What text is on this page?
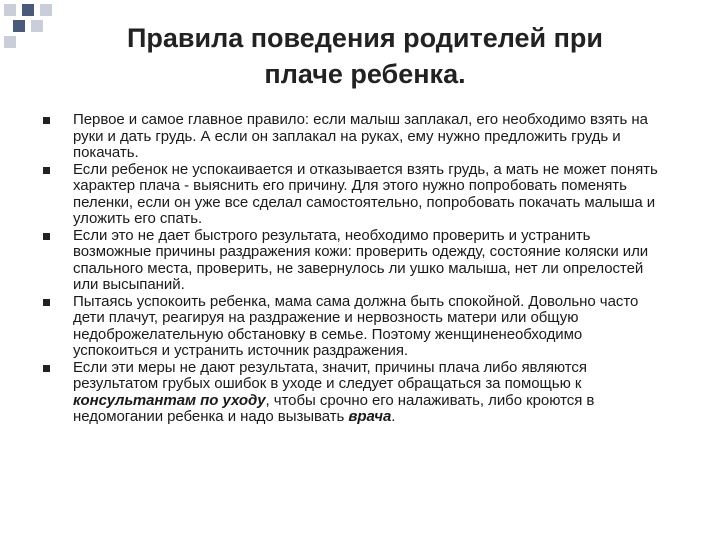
Правила поведения родителей при
плаче ребенка.
Первое и самое главное правило: если малыш заплакал, его необходимо взять на руки и дать грудь. А если он заплакал на руках, ему нужно предложить грудь и покачать.
Если ребенок не успокаивается и отказывается взять грудь, а мать не может понять характер плача - выяснить его причину. Для этого нужно попробовать поменять пеленки, если он уже все сделал самостоятельно, попробовать покачать малыша и уложить его спать.
Если это не дает быстрого результата, необходимо проверить и устранить возможные причины раздражения кожи: проверить одежду, состояние коляски или спального места, проверить, не завернулось ли ушко малыша, нет ли опрелостей или высыпаний.
Пытаясь успокоить ребенка, мама сама должна быть спокойной. Довольно часто дети плачут, реагируя на раздражение и нервозность матери или общую недоброжелательную обстановку в семье. Поэтому женщиненеобходимо успокоиться и устранить источник раздражения.
Если эти меры не дают результата, значит, причины плача либо являются результатом грубых ошибок в уходе и следует обращаться за помощью к консультантам по уходу, чтобы срочно его налаживать, либо кроются в недомогании ребенка и надо вызывать врача.
